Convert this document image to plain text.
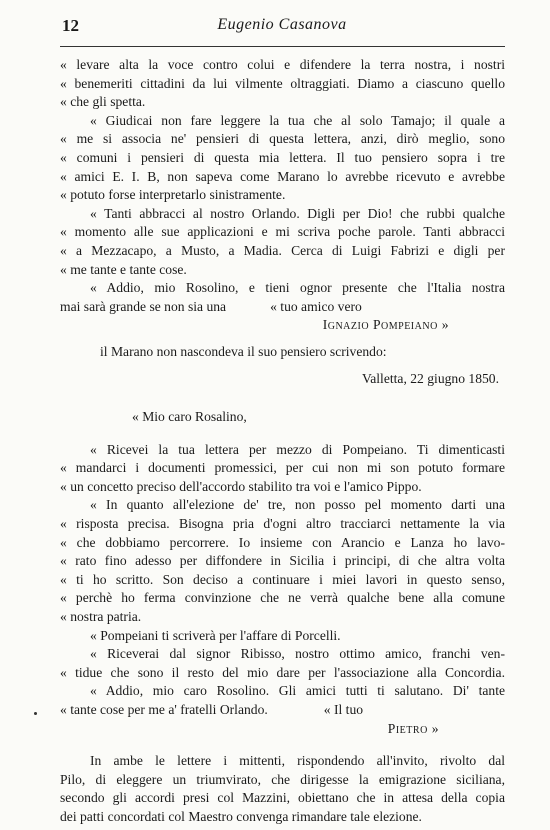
12	Eugenio Casanova
« levare alta la voce contro colui e difendere la terra nostra, i nostri
« benemeriti cittadini da lui vilmente oltraggiati. Diamo a ciascuno quello
« che gli spetta.
« Giudicai non fare leggere la tua che al solo Tamajo; il quale a
« me si associa ne' pensieri di questa lettera, anzi, dirò meglio, sono
« comuni i pensieri di questa mia lettera. Il tuo pensiero sopra i tre
« amici E. I. B, non sapeva come Marano lo avrebbe ricevuto e avrebbe
« potuto forse interpretarlo sinistramente.
« Tanti abbracci al nostro Orlando. Digli per Dio! che rubbi qualche
« momento alle sue applicazioni e mi scriva poche parole. Tanti abbracci
« a Mezzacapo, a Musto, a Madia. Cerca di Luigi Fabrizi e digli per
« me tante e tante cose.
« Addio, mio Rosolino, e tieni ognor presente che l'Italia nostra
mai sarà grande se non sia una	« tuo amico vero
Ignazio Pompeiano »
il Marano non nascondeva il suo pensiero scrivendo:
Valletta, 22 giugno 1850.
« Mio caro Rosalino,
« Ricevei la tua lettera per mezzo di Pompeiano. Ti dimenticasti
« mandarci i documenti promessici, per cui non mi son potuto formare
« un concetto preciso dell'accordo stabilito tra voi e l'amico Pippo.
« In quanto all'elezione de' tre, non posso pel momento darti una
« risposta precisa. Bisogna pria d'ogni altro tracciarci nettamente la via
« che dobbiamo percorrere. Io insieme con Arancio e Lanza ho lavo-
« rato fino adesso per diffondere in Sicilia i principi, di che altra volta
« ti ho scritto. Son deciso a continuare i miei lavori in questo senso,
« perchè ho ferma convinzione che ne verrà qualche bene alla comune
« nostra patria.
« Pompeiani ti scriverà per l'affare di Porcelli.
« Riceverai dal signor Ribisso, nostro ottimo amico, franchi ven-
« tidue che sono il resto del mio dare per l'associazione alla Concordia.
« Addio, mio caro Rosolino. Gli amici tutti ti salutano. Di' tante
« tante cose per me a' fratelli Orlando.	« Il tuo
Pietro »
In ambe le lettere i mittenti, rispondendo all'invito, rivolto dal
Pilo, di eleggere un triumvirato, che dirigesse la emigrazione siciliana,
secondo gli accordi presi col Mazzini, obiettano che in attesa della copia
dei patti concordati col Maestro convenga rimandare tale elezione.
